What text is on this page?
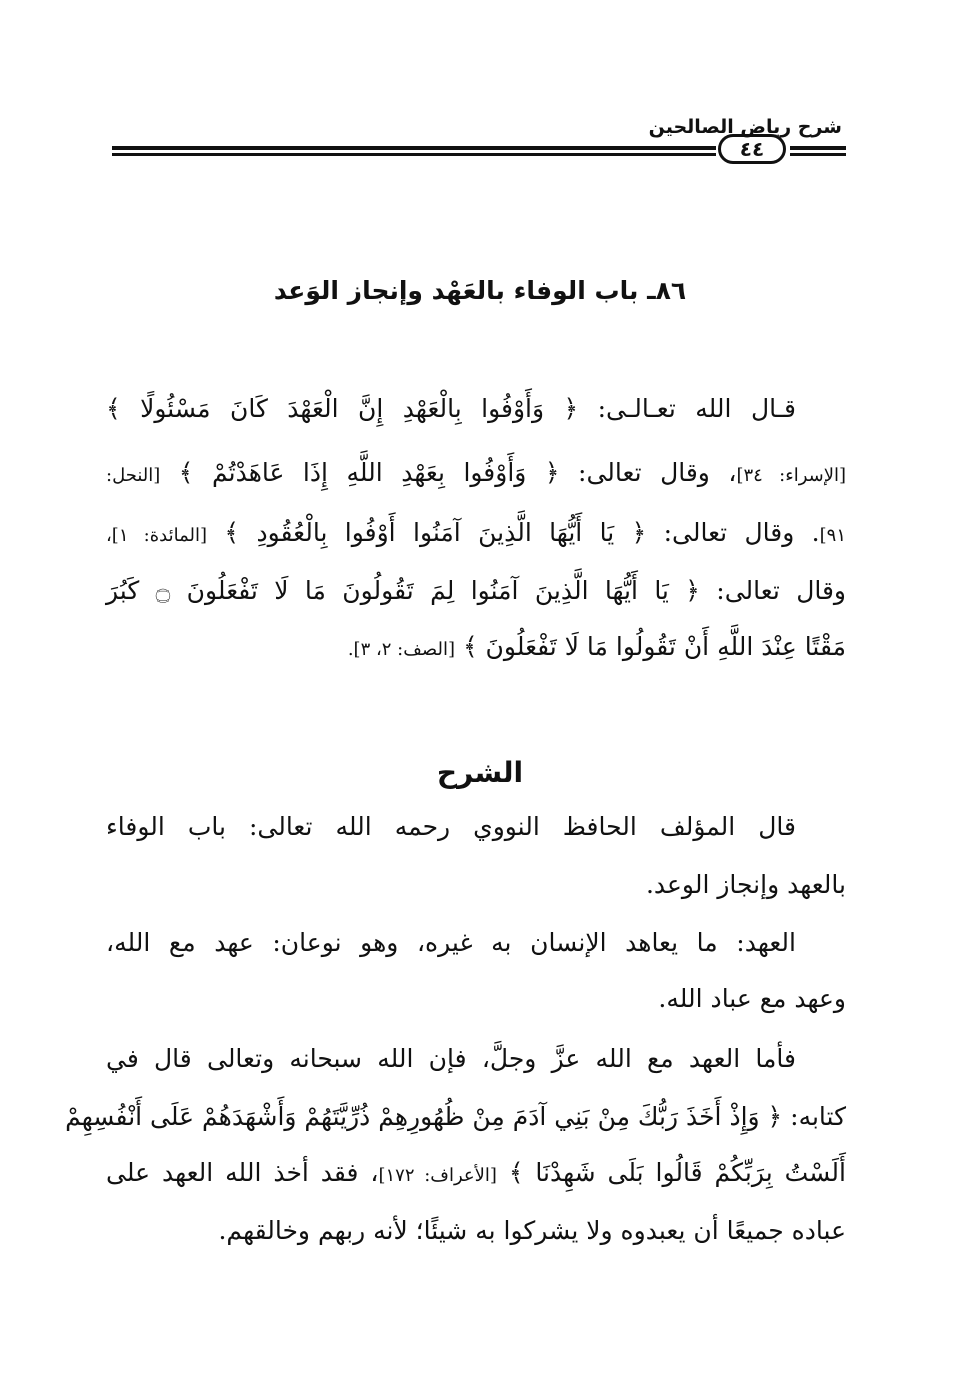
شرح رياض الصالحين
٤٤
٨٦ـ باب الوفاء بالعَهْد وإنجاز الوَعد
قـال الله تعـالـى: ﴿ وَأَوْفُوا بِالْعَهْدِ إِنَّ الْعَهْدَ كَانَ مَسْئُولًا ﴾
[الإسراء: ٣٤]، وقال تعالى: ﴿ وَأَوْفُوا بِعَهْدِ اللَّهِ إِذَا عَاهَدْتُمْ ﴾ [النحل:
٩١]. وقال تعالى: ﴿ يَا أَيُّهَا الَّذِينَ آمَنُوا أَوْفُوا بِالْعُقُودِ ﴾ [المائدة: ١]،
وقال تعالى: ﴿ يَا أَيُّهَا الَّذِينَ آمَنُوا لِمَ تَقُولُونَ مَا لَا تَفْعَلُونَ ۝ كَبُرَ
مَقْتًا عِنْدَ اللَّهِ أَنْ تَقُولُوا مَا لَا تَفْعَلُونَ ﴾ [الصف: ٢، ٣].
الشرح
قال المؤلف الحافظ النووي رحمه الله تعالى: باب الوفاء
بالعهد وإنجاز الوعد.
العهد: ما يعاهد الإنسان به غيره، وهو نوعان: عهد مع الله،
وعهد مع عباد الله.
فأما العهد مع الله عزَّ وجلَّ، فإن الله سبحانه وتعالى قال في
كتابه: ﴿ وَإِذْ أَخَذَ رَبُّكَ مِنْ بَنِي آدَمَ مِنْ ظُهُورِهِمْ ذُرِّيَّتَهُمْ وَأَشْهَدَهُمْ عَلَى أَنْفُسِهِمْ
أَلَسْتُ بِرَبِّكُمْ قَالُوا بَلَى شَهِدْنَا ﴾ [الأعراف: ١٧٢]، فقد أخذ الله العهد على
عباده جميعًا أن يعبدوه ولا يشركوا به شيئًا؛ لأنه ربهم وخالقهم.
